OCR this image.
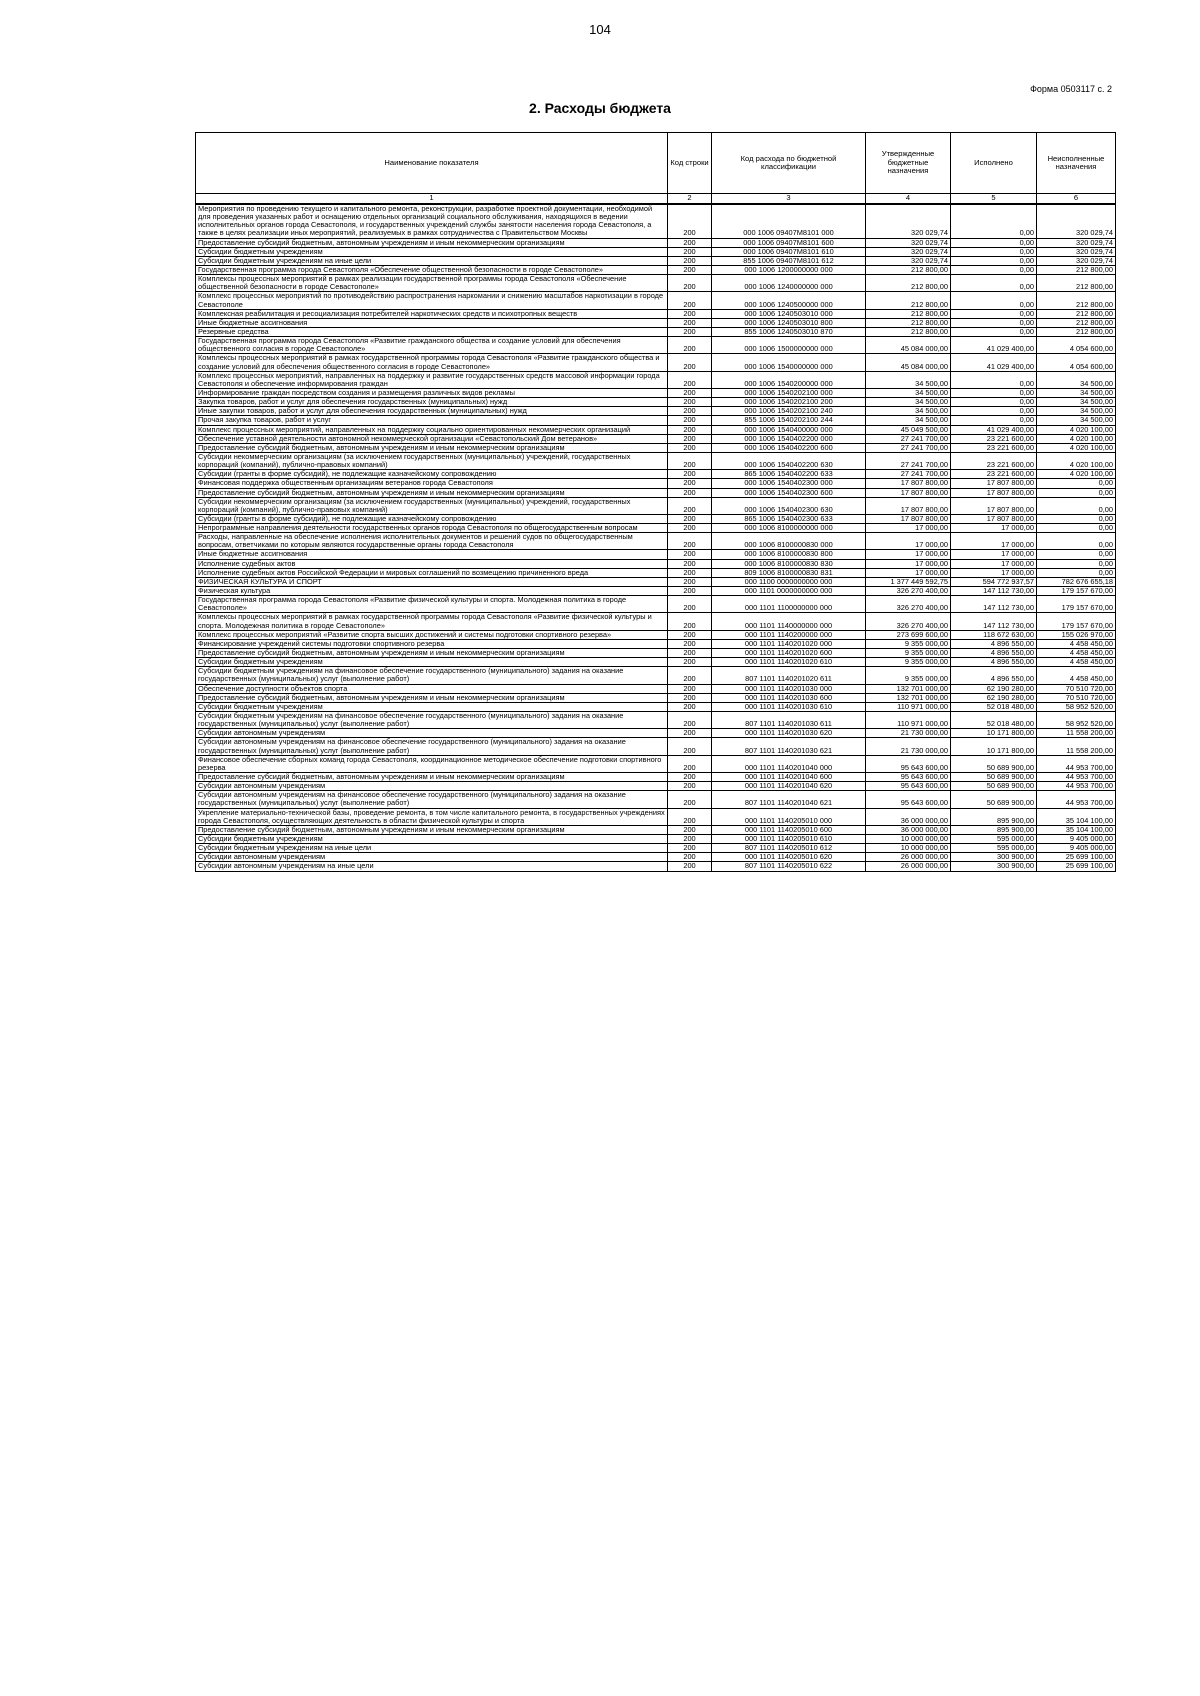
104
Форма 0503117 с. 2
2. Расходы бюджета
Наименование показателя	Код строки	Код расхода по бюджетной классификации	Утвержденные бюджетные назначения	Исполнено	Неисполненные назначения
1	2	3	4	5	6
Мероприятия по проведению текущего и капитального ремонта, реконструкции, разработке проектной документации, необходимой для проведения указанных работ и оснащению отдельных организаций социального обслуживания, находящихся в ведении исполнительных органов города Севастополя, и государственных учреждений службы занятости населения города Севастополя, а также в целях реализации иных мероприятий, реализуемых в рамках сотрудничества с Правительством Москвы	200	000 1006 09407М8101 000	320 029,74	0,00	320 029,74
Предоставление субсидий бюджетным, автономным учреждениям и иным некоммерческим организациям	200	000 1006 09407М8101 600	320 029,74	0,00	320 029,74
Субсидии бюджетным учреждениям	200	000 1006 09407М8101 610	320 029,74	0,00	320 029,74
Субсидии бюджетным учреждениям на иные цели	200	855 1006 09407М8101 612	320 029,74	0,00	320 029,74
Государственная программа города Севастополя «Обеспечение общественной безопасности в городе Севастополе»	200	000 1006 1200000000 000	212 800,00	0,00	212 800,00
Комплексы процессных мероприятий в рамках реализации государственной программы города Севастополя «Обеспечение общественной безопасности в городе Севастополе»	200	000 1006 1240000000 000	212 800,00	0,00	212 800,00
Комплекс процессных мероприятий по противодействию распространения наркомании и снижению масштабов наркотизации в городе Севастополе	200	000 1006 1240500000 000	212 800,00	0,00	212 800,00
Комплексная реабилитация и ресоциализация потребителей наркотических средств и психотропных веществ	200	000 1006 1240503010 000	212 800,00	0,00	212 800,00
Иные бюджетные ассигнования	200	000 1006 1240503010 800	212 800,00	0,00	212 800,00
Резервные средства	200	855 1006 1240503010 870	212 800,00	0,00	212 800,00
Государственная программа города Севастополя «Развитие гражданского общества и создание условий для обеспечения общественного согласия в городе Севастополе»	200	000 1006 1500000000 000	45 084 000,00	41 029 400,00	4 054 600,00
Комплексы процессных мероприятий в рамках государственной программы города Севастополя «Развитие гражданского общества и создание условий для обеспечения общественного согласия в городе Севастополе»	200	000 1006 1540000000 000	45 084 000,00	41 029 400,00	4 054 600,00
Комплекс процессных мероприятий, направленных на поддержку и развитие государственных средств массовой информации города Севастополя и обеспечение информирования граждан	200	000 1006 1540200000 000	34 500,00	0,00	34 500,00
Информирование граждан посредством создания и размещения различных видов рекламы	200	000 1006 1540202100 000	34 500,00	0,00	34 500,00
Закупка товаров, работ и услуг для обеспечения государственных (муниципальных) нужд	200	000 1006 1540202100 200	34 500,00	0,00	34 500,00
Иные закупки товаров, работ и услуг для обеспечения государственных (муниципальных) нужд	200	000 1006 1540202100 240	34 500,00	0,00	34 500,00
Прочая закупка товаров, работ и услуг	200	855 1006 1540202100 244	34 500,00	0,00	34 500,00
Комплекс процессных мероприятий, направленных на поддержку социально ориентированных некоммерческих организаций	200	000 1006 1540400000 000	45 049 500,00	41 029 400,00	4 020 100,00
Обеспечение уставной деятельности автономной некоммерческой организации «Севастопольский Дом ветеранов»	200	000 1006 1540402200 000	27 241 700,00	23 221 600,00	4 020 100,00
Предоставление субсидий бюджетным, автономным учреждениям и иным некоммерческим организациям	200	000 1006 1540402200 600	27 241 700,00	23 221 600,00	4 020 100,00
Субсидии некоммерческим организациям (за исключением государственных (муниципальных) учреждений, государственных корпораций (компаний), публично-правовых компаний)	200	000 1006 1540402200 630	27 241 700,00	23 221 600,00	4 020 100,00
Субсидии (гранты в форме субсидий), не подлежащие казначейскому сопровождению	200	865 1006 1540402200 633	27 241 700,00	23 221 600,00	4 020 100,00
Финансовая поддержка общественным организациям ветеранов города Севастополя	200	000 1006 1540402300 000	17 807 800,00	17 807 800,00	0,00
Предоставление субсидий бюджетным, автономным учреждениям и иным некоммерческим организациям	200	000 1006 1540402300 600	17 807 800,00	17 807 800,00	0,00
Субсидии некоммерческим организациям (за исключением государственных (муниципальных) учреждений, государственных корпораций (компаний), публично-правовых компаний)	200	000 1006 1540402300 630	17 807 800,00	17 807 800,00	0,00
Субсидии (гранты в форме субсидий), не подлежащие казначейскому сопровождению	200	865 1006 1540402300 633	17 807 800,00	17 807 800,00	0,00
Непрограммные направления деятельности государственных органов города Севастополя по общегосударственным вопросам	200	000 1006 8100000000 000	17 000,00	17 000,00	0,00
Расходы, направленные на обеспечение исполнения исполнительных документов и решений судов по общегосударственным вопросам, ответчиками по которым являются государственные органы города Севастополя	200	000 1006 8100000830 000	17 000,00	17 000,00	0,00
Иные бюджетные ассигнования	200	000 1006 8100000830 800	17 000,00	17 000,00	0,00
Исполнение судебных актов	200	000 1006 8100000830 830	17 000,00	17 000,00	0,00
Исполнение судебных актов Российской Федерации и мировых соглашений по возмещению причиненного вреда	200	809 1006 8100000830 831	17 000,00	17 000,00	0,00
ФИЗИЧЕСКАЯ КУЛЬТУРА И СПОРТ	200	000 1100 0000000000 000	1 377 449 592,75	594 772 937,57	782 676 655,18
Физическая культура	200	000 1101 0000000000 000	326 270 400,00	147 112 730,00	179 157 670,00
Государственная программа города Севастополя «Развитие физической культуры и спорта. Молодежная политика в городе Севастополе»	200	000 1101 1100000000 000	326 270 400,00	147 112 730,00	179 157 670,00
Комплексы процессных мероприятий в рамках государственной программы города Севастополя «Развитие физической культуры и спорта. Молодежная политика в городе Севастополе»	200	000 1101 1140000000 000	326 270 400,00	147 112 730,00	179 157 670,00
Комплекс процессных мероприятий «Развитие спорта высших достижений и системы подготовки спортивного резерва»	200	000 1101 1140200000 000	273 699 600,00	118 672 630,00	155 026 970,00
Финансирование учреждений системы подготовки спортивного резерва	200	000 1101 1140201020 000	9 355 000,00	4 896 550,00	4 458 450,00
Предоставление субсидий бюджетным, автономным учреждениям и иным некоммерческим организациям	200	000 1101 1140201020 600	9 355 000,00	4 896 550,00	4 458 450,00
Субсидии бюджетным учреждениям	200	000 1101 1140201020 610	9 355 000,00	4 896 550,00	4 458 450,00
Субсидии бюджетным учреждениям на финансовое обеспечение государственного (муниципального) задания на оказание государственных (муниципальных) услуг (выполнение работ)	200	807 1101 1140201020 611	9 355 000,00	4 896 550,00	4 458 450,00
Обеспечение доступности объектов спорта	200	000 1101 1140201030 000	132 701 000,00	62 190 280,00	70 510 720,00
Предоставление субсидий бюджетным, автономным учреждениям и иным некоммерческим организациям	200	000 1101 1140201030 600	132 701 000,00	62 190 280,00	70 510 720,00
Субсидии бюджетным учреждениям	200	000 1101 1140201030 610	110 971 000,00	52 018 480,00	58 952 520,00
Субсидии бюджетным учреждениям на финансовое обеспечение государственного (муниципального) задания на оказание государственных (муниципальных) услуг (выполнение работ)	200	807 1101 1140201030 611	110 971 000,00	52 018 480,00	58 952 520,00
Субсидии автономным учреждениям	200	000 1101 1140201030 620	21 730 000,00	10 171 800,00	11 558 200,00
Субсидии автономным учреждениям на финансовое обеспечение государственного (муниципального) задания на оказание государственных (муниципальных) услуг (выполнение работ)	200	807 1101 1140201030 621	21 730 000,00	10 171 800,00	11 558 200,00
Финансовое обеспечение сборных команд города Севастополя, координационное методическое обеспечение подготовки спортивного резерва	200	000 1101 1140201040 000	95 643 600,00	50 689 900,00	44 953 700,00
Предоставление субсидий бюджетным, автономным учреждениям и иным некоммерческим организациям	200	000 1101 1140201040 600	95 643 600,00	50 689 900,00	44 953 700,00
Субсидии автономным учреждениям	200	000 1101 1140201040 620	95 643 600,00	50 689 900,00	44 953 700,00
Субсидии автономным учреждениям на финансовое обеспечение государственного (муниципального) задания на оказание государственных (муниципальных) услуг (выполнение работ)	200	807 1101 1140201040 621	95 643 600,00	50 689 900,00	44 953 700,00
Укрепление материально-технической базы, проведение ремонта, в том числе капитального ремонта, в государственных учреждениях города Севастополя, осуществляющих деятельность в области физической культуры и спорта	200	000 1101 1140205010 000	36 000 000,00	895 900,00	35 104 100,00
Предоставление субсидий бюджетным, автономным учреждениям и иным некоммерческим организациям	200	000 1101 1140205010 600	36 000 000,00	895 900,00	35 104 100,00
Субсидии бюджетным учреждениям	200	000 1101 1140205010 610	10 000 000,00	595 000,00	9 405 000,00
Субсидии бюджетным учреждениям на иные цели	200	807 1101 1140205010 612	10 000 000,00	595 000,00	9 405 000,00
Субсидии автономным учреждениям	200	000 1101 1140205010 620	26 000 000,00	300 900,00	25 699 100,00
Субсидии автономным учреждениям на иные цели	200	807 1101 1140205010 622	26 000 000,00	300 900,00	25 699 100,00
